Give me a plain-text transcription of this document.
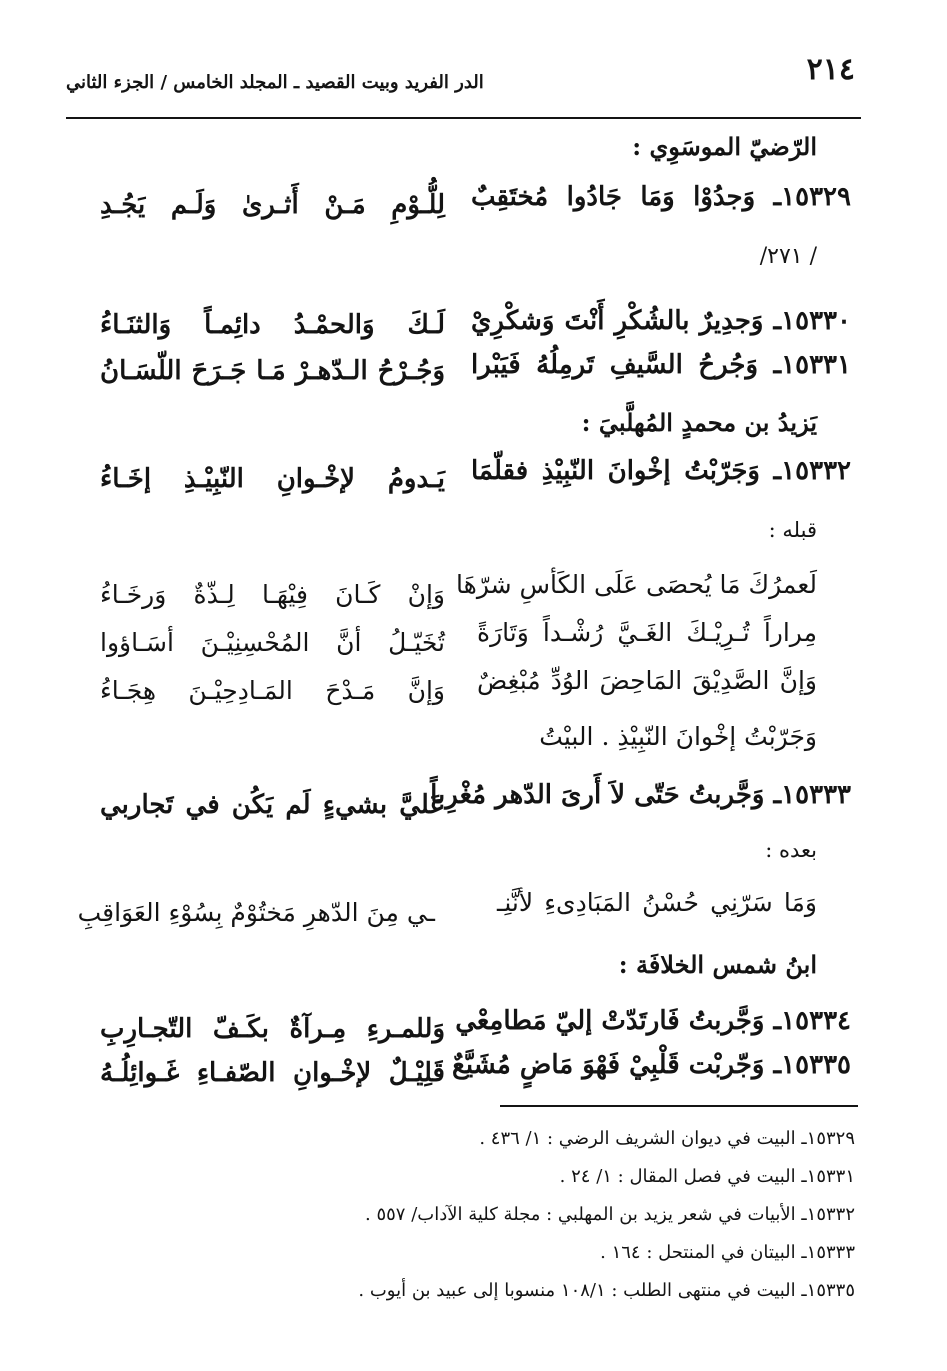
٢١٤
الدر الفريد وبيت القصيد ـ المجلد الخامس / الجزء الثاني
الرّضيّ الموسَوِي :
١٥٣٢٩ـ وَجدُوْا وَمَا جَادُوا مُختَقِبٌ
لِلُّـوْمِ مَـنْ أَثـرىٰ وَلَـم يَجُـدِ
/ ٢٧١/
١٥٣٣٠ـ وَجدِيرٌ بالشُكْرِ أَنْتَ وَشكْرِيْ
لَـكَ وَالحمْـدُ دائِمـاً وَالثنَـاءُ
١٥٣٣١ـ وَجُرحُ السَّيفِ تَرمِلُهُ فَيَبْرا
وَجُـرْحُ الـدّهـرْ مَـا جَـرَحَ اللّسَـانُ
يَزيدُ بن محمدٍ المُهلَّبيَ :
١٥٣٣٢ـ وَجَرّبْتُ إخْوانَ النّبِيْذِ فقلّمَا
يَـدومُ لإخْـوانِ النّبِيْـذِ إخَـاءُ
قبله :
لَعمرُكَ مَا يُحصَى عَلَى الكَأسِ شرّهَا
وَإنْ كَـانَ فِيْهَـا لِـذّةٌ وَرخَـاءُ
مِراراً تُـرِيْـكَ الغَـيَّ رُشْـداً وَتَارَةً
تُخَيّـلُ أنَّ المُحْسِنِيْـنَ أسَـاؤوا
وَإنَّ الصَّدِيْقَ المَاحِضَ الوُدِّ مُبْغِضٌ
وَإنَّ مَـدْحَ المَـادِحِيْـنَ هِجَـاءُ
وَجَرّبْتُ إخْوانَ النّبِيْذِ . البيْتُ
١٥٣٣٣ـ وَجَّربتُ حَتّى لاَ أَرىَ الدّهر مُغْرِباً
عَليَّ بشيءٍ لَم يَكُن في تَجاربي
بعده :
وَمَا سَرّنِي حُسْنُ المَبَادِىءِ لأنَّنِـ
ـي مِنَ الدّهرِ مَختُوْمٌ بِسُوْءِ العَوَاقِبِ
ابنُ شمس الخلافَة :
١٥٣٣٤ـ وَجَّربتُ فَارتَدّتْ إليّ مَطامِعْي
وَللمـرءِ مِـرآةٌ بكَـفّ التّجـارِبِ
١٥٣٣٥ـ وَجّربْت قَلْبِيْ فَهْوَ مَاضٍ مُشَيَّعٌ
قَلِيْـلٌ لإخْـوانِ الصّفـاءِ غَـوائِلُـهُ
١٥٣٢٩ـ البيت في ديوان الشريف الرضي : ١/ ٤٣٦ .
١٥٣٣١ـ البيت في فصل المقال : ١/ ٢٤ .
١٥٣٣٢ـ الأبيات في شعر يزيد بن المهلبي : مجلة كلية الآداب/ ٥٥٧ .
١٥٣٣٣ـ البيتان في المنتحل : ١٦٤ .
١٥٣٣٥ـ البيت في منتهى الطلب : ١٠٨/١ منسوبا إلى عبيد بن أيوب .
